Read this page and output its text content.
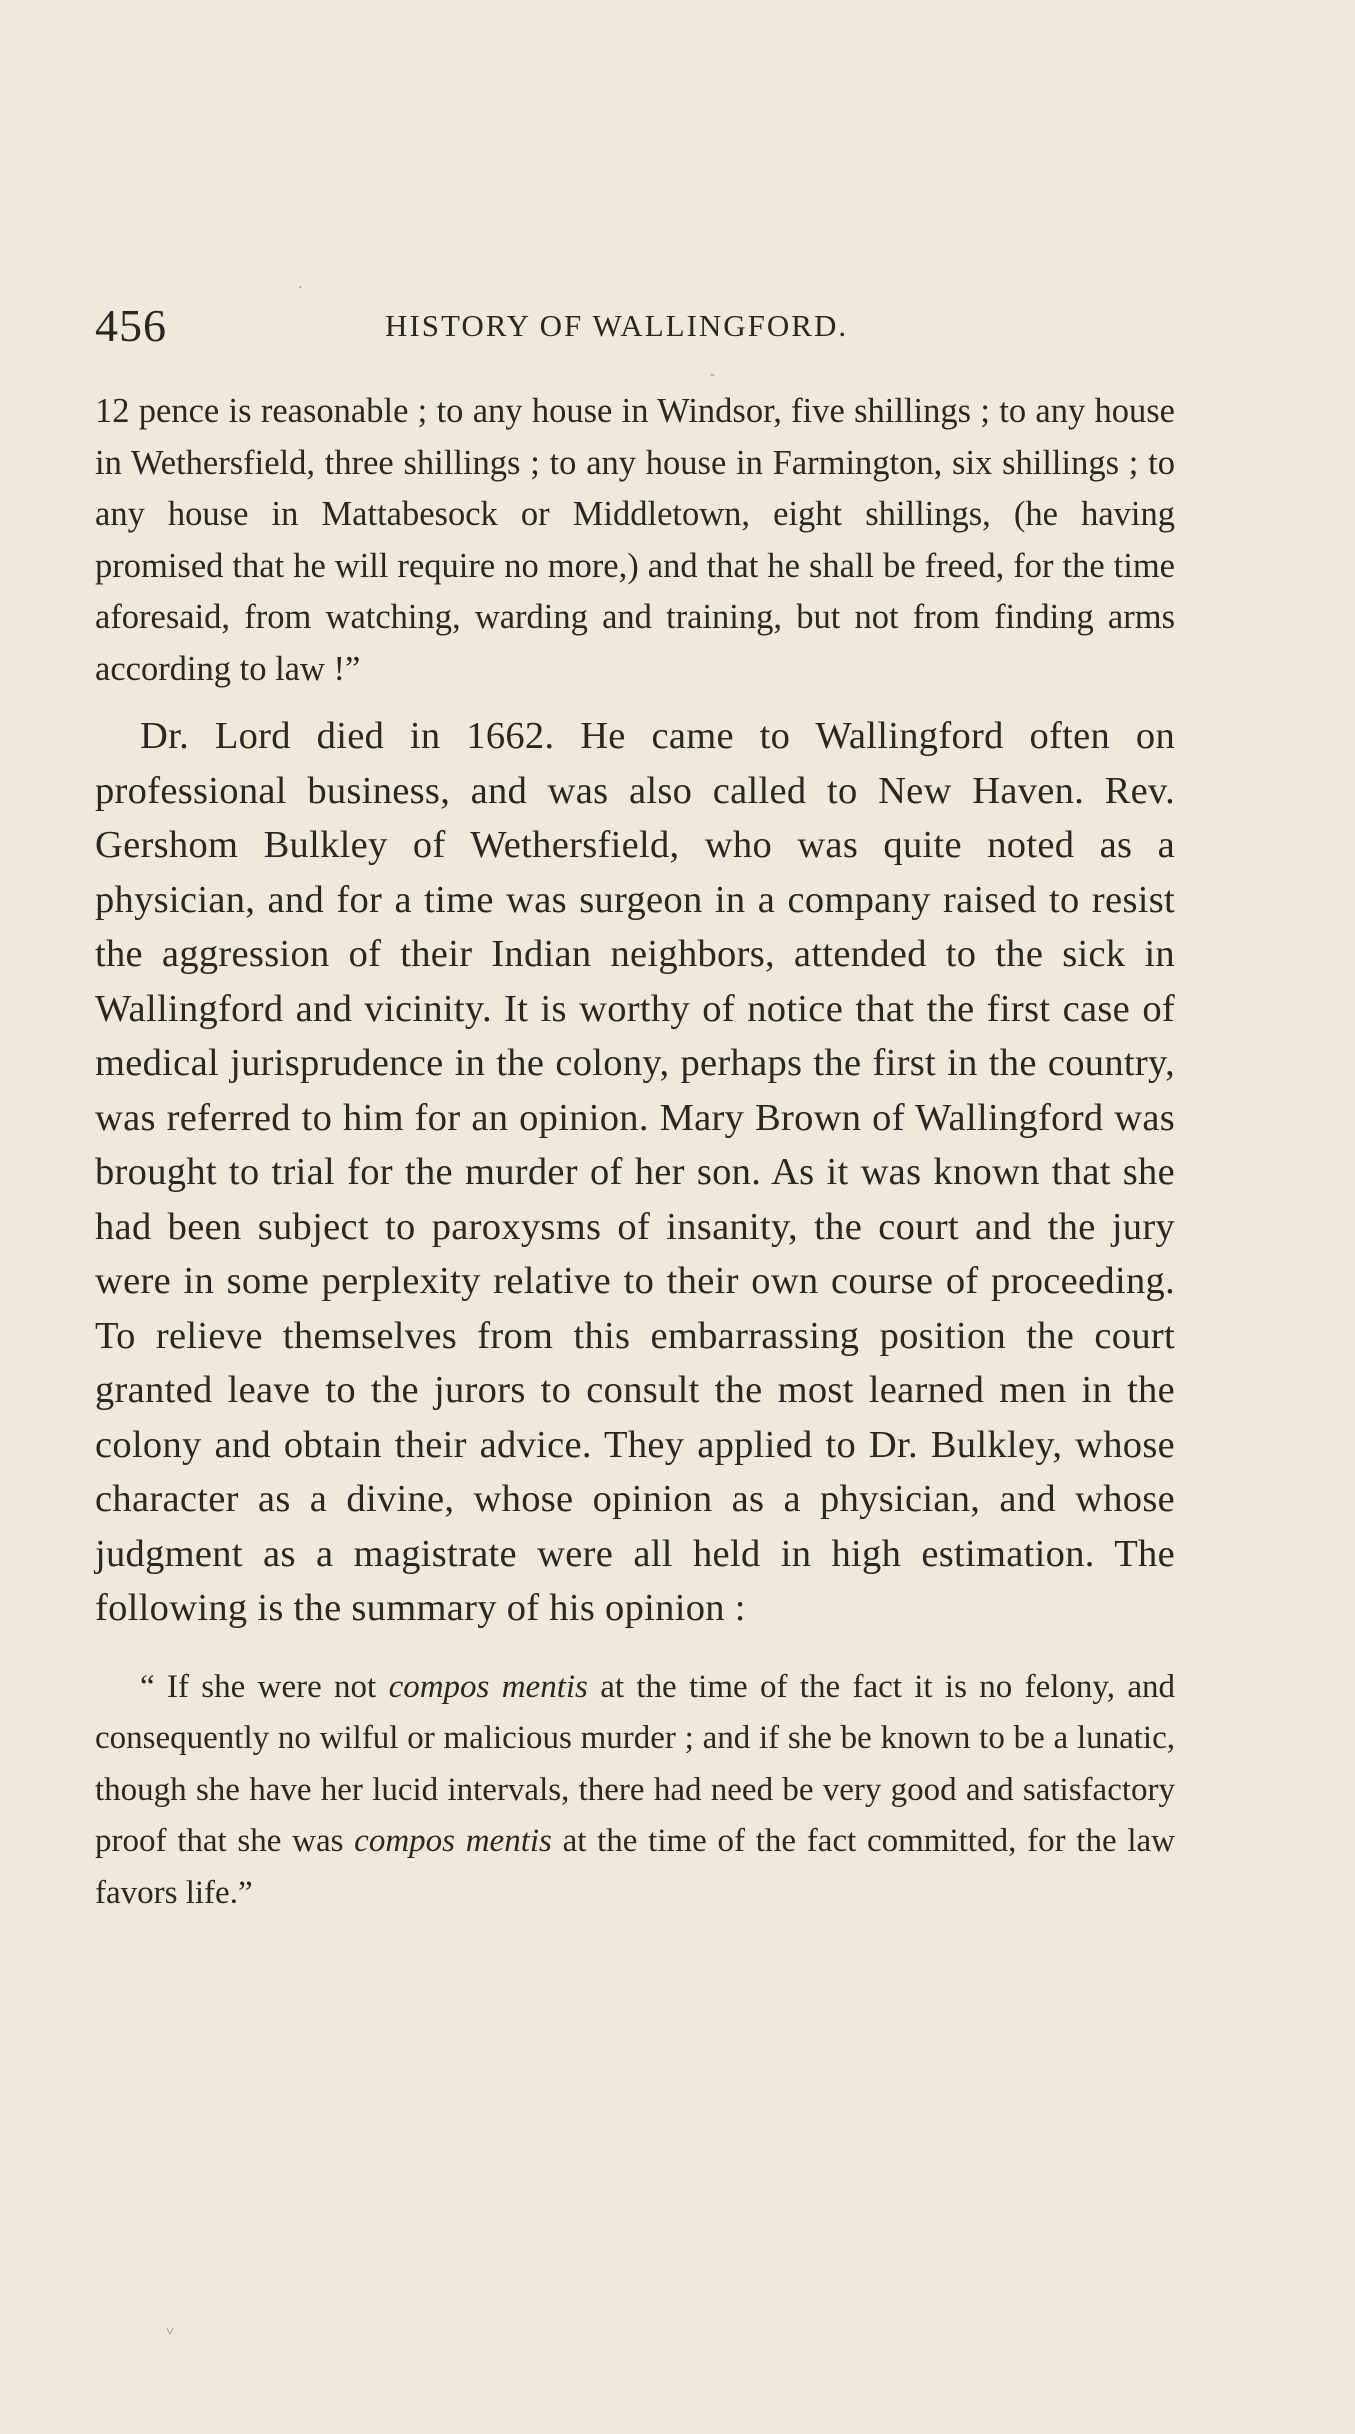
·
-
˅
456	HISTORY OF WALLINGFORD.

12 pence is reasonable ; to any house in Windsor, five shillings ; to any house in Wethersfield, three shillings ; to any house in Farmington, six shillings ; to any house in Mattabesock or Middletown, eight shillings, (he having promised that he will require no more,) and that he shall be freed, for the time aforesaid, from watching, warding and training, but not from finding arms according to law !”

Dr. Lord died in 1662. He came to Wallingford often on professional business, and was also called to New Haven. Rev. Gershom Bulkley of Wethersfield, who was quite noted as a physician, and for a time was surgeon in a company raised to resist the aggression of their Indian neighbors, attended to the sick in Wallingford and vicinity. It is worthy of notice that the first case of medical jurisprudence in the colony, perhaps the first in the country, was referred to him for an opinion. Mary Brown of Wallingford was brought to trial for the murder of her son. As it was known that she had been subject to paroxysms of insanity, the court and the jury were in some perplexity relative to their own course of proceeding. To relieve themselves from this embarrassing position the court granted leave to the jurors to consult the most learned men in the colony and obtain their advice. They applied to Dr. Bulkley, whose character as a divine, whose opinion as a physician, and whose judgment as a magistrate were all held in high estimation. The following is the summary of his opinion :

“ If she were not compos mentis at the time of the fact it is no felony, and consequently no wilful or malicious murder ; and if she be known to be a lunatic, though she have her lucid intervals, there had need be very good and satisfactory proof that she was compos mentis at the time of the fact committed, for the law favors life.”
